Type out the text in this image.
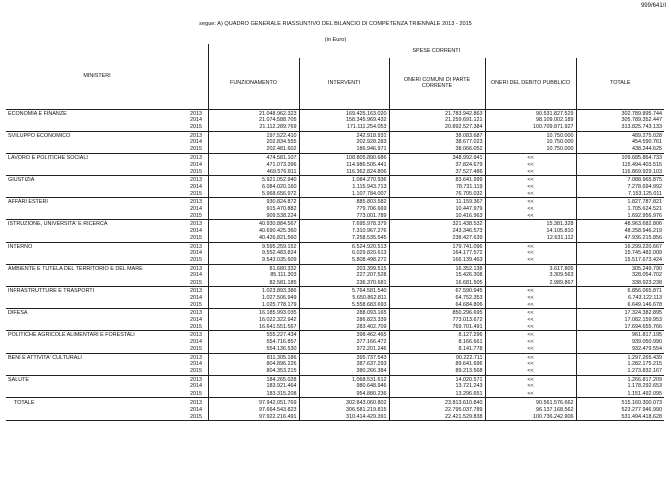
999/641/I
segue: A) QUADRO GENERALE RIASSUNTIVO DEL BILANCIO DI COMPETENZA TRIENNALE 2013 - 2015
(in Euro)
MINISTERI		SPESE CORRENTI				
		FUNZIONAMENTO	INTERVENTI	ONERI COMUNI DI PARTE CORRENTE	ONERI DEL DEBITO PUBBLICO	TOTALE
ECONOMIA E FINANZE	2013	21.048.962.323	169.425.163.020	21.783.942.863	90.531.827.529	302.789.895.744
	2014	21.074.588.705	158.345.969.432	21.259.691.121	98.109.002.189	305.789.352.447
	2015	21.112.289.769	171.111.254.053	20.892.527.384	100.709.871.927	313.825.743.133
SVILUPPO ECONOMICO	2013	197.522.410	242.918.931	38.083.687	10.750.000	489.275.028
	2014	202.834.555	202.928.283	38.677.023	10.750.000	454.590.761
	2015	202.481.602	186.946.971	38.066.052	10.750.000	438.244.625
LAVORO E POLITICHE SOCIALI	2013	474.581.107	108.805.890.686	348.992.941	<<	109.685.864.733
	2014	471.073.396	114.986.505.441	37.824.679	<<	115.494.403.515
	2015	469.576.811	116.362.824.806	37.527.486	<<	116.869.929.103
GIUSTIZIA	2013	5.921.052.940	1.084.270.936	83.641.999	<<	7.088.965.875
	2014	6.084.020.160	1.115.943.713	78.731.119	<<	7.278.694.992
	2015	5.968.656.972	1.107.784.007	76.705.032	<<	7.153.125.011
AFFARI ESTERI	2013	930.824.872	885.803.582	11.159.367	<<	1.827.787.821
	2014	915.470.882	779.706.669	10.447.979	<<	1.705.624.521
	2015	909.538.224	773.001.789	10.416.963	<<	1.692.956.976
ISTRUZIONE, UNIVERSITA' E RICERCA	2013	40.930.884.567	7.695.978.379	321.438.532	15.381.328	48.963.682.806
	2014	40.690.425.360	7.310.967.276	243.346.573	14.105.810	48.258.946.219
	2015	40.426.821.560	7.258.535.545	238.427.639	12.631.112	47.936.215.856
INTERNO	2013	9.595.259.152	6.524.920.513	179.741.096	<<	16.299.220.667
	2014	9.552.483.824	6.029.820.613	164.177.572	<<	15.745.482.009
	2015	9.543.035.609	5.808.498.272	166.139.463	<<	15.517.673.424
AMBIENTE E TUTELA DEL TERRITORIO E DEL MARE	2013	81.680.332	203.399.515	16.352.138	3.617.805	305.249.790
	2014	85.111.303	227.207.528	15.426.308	3.309.563	328.054.702
	2015	82.581.185	236.370.681	16.681.505	2.989.867	338.923.238
INFRASTRUTTURE E TRASPORTI	2013	1.023.893.386	5.764.581.540	67.590.945	<<	6.856.065.871
	2014	1.027.506.949	5.650.862.811	64.752.353	<<	6.743.122.113
	2015	1.025.778.179	5.558.683.693	64.684.806	<<	6.649.146.678
DIFESA	2013	16.185.993.035	288.093.165	850.296.695	<<	17.324.382.895
	2014	16.022.322.942	286.823.339	773.013.672	<<	17.082.159.953
	2015	16.641.551.567	283.402.709	769.701.491	<<	17.694.655.766
POLITICHE AGRICOLE ALIMENTARI E FORESTALI	2013	555.227.434	398.462.465	8.127.296	<<	961.817.195
	2014	554.716.857	377.166.472	8.166.661	<<	939.050.990
	2015	554.136.530	372.201.246	8.141.778	<<	932.479.554
BENI E ATTIVITA' CULTURALI	2013	811.305.186	395.737.543	90.222.711	<<	1.297.265.439
	2014	804.896.226	387.637.293	89.641.696	<<	1.282.175.215
	2015	804.353.215	380.266.384	89.213.568	<<	1.273.832.167
SALUTE	2013	184.265.028	1.068.531.612	14.020.571	<<	1.266.817.209
	2014	183.921.464	980.648.946	13.721.243	<<	1.178.292.653
	2015	183.315.208	954.880.236	13.296.651	<<	1.151.492.095
TOTALE	2013	97.942.051.769	302.843.060.802	23.813.610.840	90.561.576.662	515.160.300.073
	2014	97.664.543.823	306.581.219.815	22.795.037.789	96.137.168.562	523.277.946.990
	2015	97.922.216.491	310.414.429.391	22.421.529.838	100.736.242.906	531.494.418.628
